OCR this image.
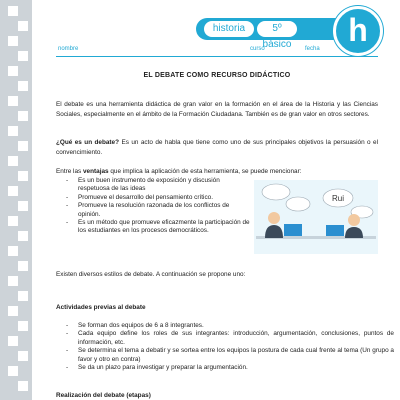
historia	5º básico	h
nombre	curso	fecha
EL DEBATE COMO RECURSO DIDÁCTICO
El debate es una herramienta didáctica de gran valor en la formación en el área de la Historia y las Ciencias Sociales, especialmente en el ámbito de la Formación Ciudadana. También es de gran valor en otros sectores.
¿Qué es un debate? Es un acto de habla que tiene como uno de sus principales objetivos la persuasión o el convencimiento.
Entre las ventajas que implica la aplicación de esta herramienta, se puede mencionar:
- Es un buen instrumento de exposición y discusión respetuosa de las ideas
- Promueve el desarrollo del pensamiento crítico.
- Promueve la resolución razonada de los conflictos de opinión.
- Es un método que promueve eficazmente la participación de los estudiantes en los procesos democráticos.
Rui
Existen diversos estilos de debate. A continuación se propone uno:
Actividades previas al debate
- Se forman dos equipos de 6 a 8 integrantes.
- Cada equipo define los roles de sus integrantes: introducción, argumentación, conclusiones, puntos de información, etc.
- Se determina el tema a debatir y se sortea entre los equipos la postura de cada cual frente al tema (Un grupo a favor y otro en contra)
- Se da un plazo para investigar y preparar la argumentación.
Realización del debate (etapas)
